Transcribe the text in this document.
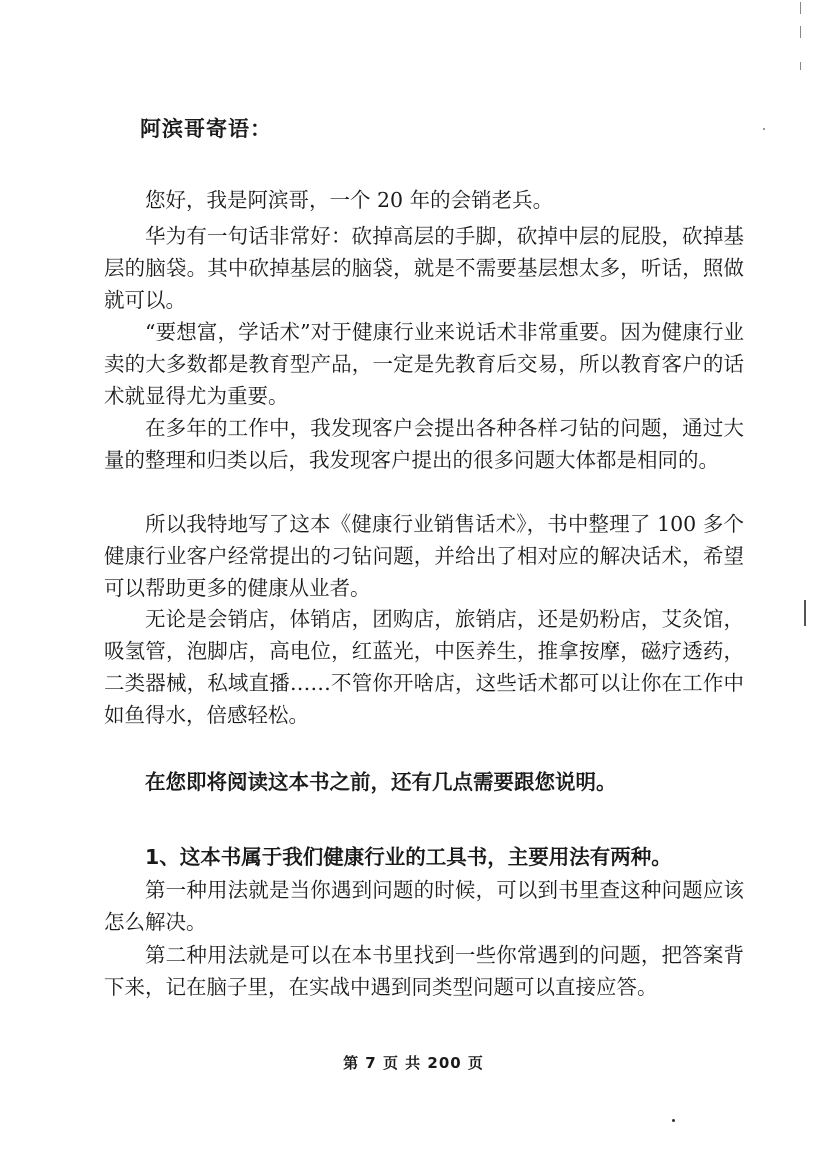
阿滨哥寄语：
您好，我是阿滨哥，一个 20 年的会销老兵。
华为有一句话非常好：砍掉高层的手脚，砍掉中层的屁股，砍掉基层的脑袋。其中砍掉基层的脑袋，就是不需要基层想太多，听话，照做就可以。
“要想富，学话术”对于健康行业来说话术非常重要。因为健康行业卖的大多数都是教育型产品，一定是先教育后交易，所以教育客户的话术就显得尤为重要。
在多年的工作中，我发现客户会提出各种各样刁钻的问题，通过大量的整理和归类以后，我发现客户提出的很多问题大体都是相同的。
所以我特地写了这本《健康行业销售话术》，书中整理了 100 多个健康行业客户经常提出的刁钻问题，并给出了相对应的解决话术，希望可以帮助更多的健康从业者。
无论是会销店，体销店，团购店，旅销店，还是奶粉店，艾灸馆，吸氢管，泡脚店，高电位，红蓝光，中医养生，推拿按摩，磁疗透药，二类器械，私域直播……不管你开啥店，这些话术都可以让你在工作中如鱼得水，倍感轻松。
在您即将阅读这本书之前，还有几点需要跟您说明。
1、这本书属于我们健康行业的工具书，主要用法有两种。
第一种用法就是当你遇到问题的时候，可以到书里查这种问题应该怎么解决。
第二种用法就是可以在本书里找到一些你常遇到的问题，把答案背下来，记在脑子里，在实战中遇到同类型问题可以直接应答。
第 7 页 共 200 页
